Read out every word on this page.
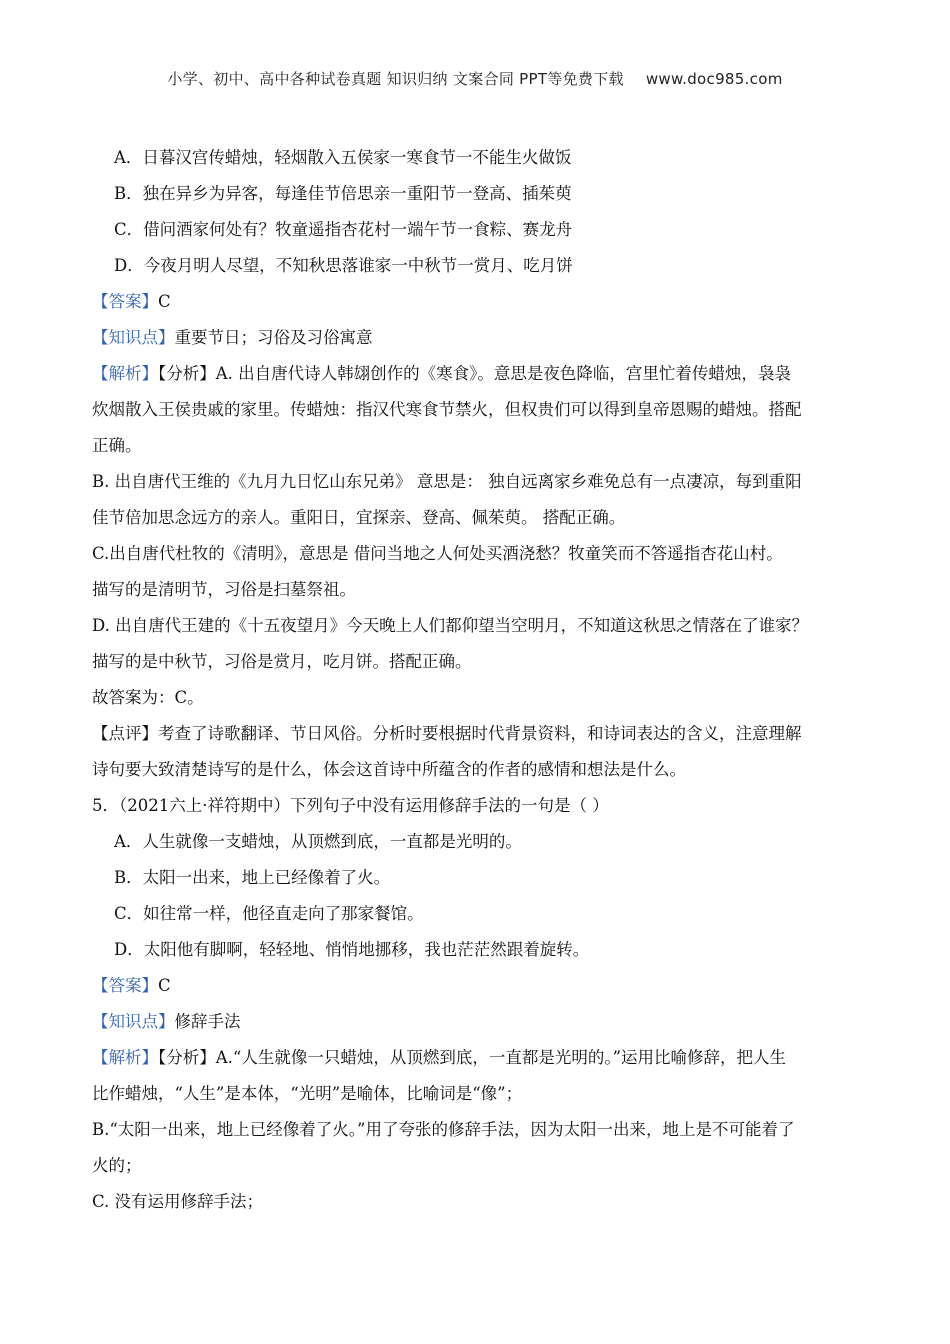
小学、初中、高中各种试卷真题 知识归纳 文案合同 PPT等免费下载 www.doc985.com
A．日暮汉宫传蜡烛，轻烟散入五侯家一寒食节一不能生火做饭
B．独在异乡为异客，每逢佳节倍思亲一重阳节一登高、插茱萸
C．借问酒家何处有？牧童遥指杏花村一端午节一食粽、赛龙舟
D．今夜月明人尽望，不知秋思落谁家一中秋节一赏月、吃月饼
【答案】C
【知识点】重要节日；习俗及习俗寓意
【解析】【分析】A. 出自唐代诗人韩翃创作的《寒食》。意思是夜色降临，宫里忙着传蜡烛，袅袅
炊烟散入王侯贵戚的家里。传蜡烛：指汉代寒食节禁火，但权贵们可以得到皇帝恩赐的蜡烛。搭配
正确。
B. 出自唐代王维的《九月九日忆山东兄弟》 意思是： 独自远离家乡难免总有一点凄凉，每到重阳
佳节倍加思念远方的亲人。重阳日，宜探亲、登高、佩茱萸。 搭配正确。
C.出自唐代杜牧的《清明》，意思是 借问当地之人何处买酒浇愁？牧童笑而不答遥指杏花山村。
描写的是清明节，习俗是扫墓祭祖。
D. 出自唐代王建的《十五夜望月》今天晚上人们都仰望当空明月，不知道这秋思之情落在了谁家？
描写的是中秋节，习俗是赏月，吃月饼。搭配正确。
故答案为：C。
【点评】考查了诗歌翻译、节日风俗。分析时要根据时代背景资料，和诗词表达的含义，注意理解
诗句要大致清楚诗写的是什么，体会这首诗中所蕴含的作者的感情和想法是什么。
5．（2021六上·祥符期中）下列句子中没有运用修辞手法的一句是（ ）
A．人生就像一支蜡烛，从顶燃到底，一直都是光明的。
B．太阳一出来，地上已经像着了火。
C．如往常一样，他径直走向了那家餐馆。
D．太阳他有脚啊，轻轻地、悄悄地挪移，我也茫茫然跟着旋转。
【答案】C
【知识点】修辞手法
【解析】【分析】A.“人生就像一只蜡烛，从顶燃到底，一直都是光明的。”运用比喻修辞，把人生
比作蜡烛，“人生”是本体，“光明”是喻体，比喻词是“像”；
B.“太阳一出来，地上已经像着了火。”用了夸张的修辞手法，因为太阳一出来，地上是不可能着了
火的；
C. 没有运用修辞手法；
